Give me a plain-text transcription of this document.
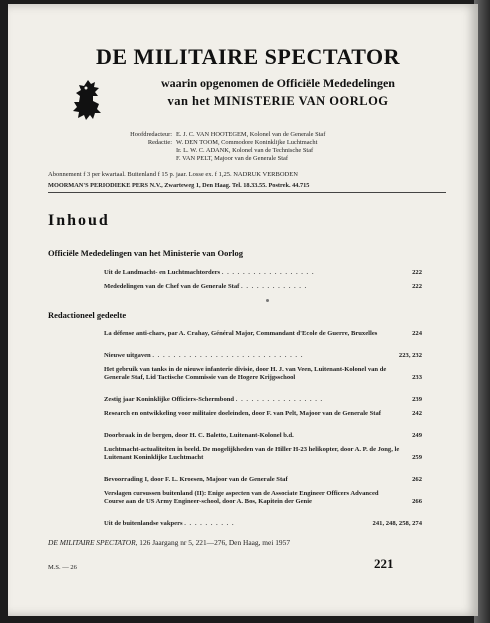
DE MILITAIRE SPECTATOR
waarin opgenomen de Officiële Mededelingen
van het MINISTERIE VAN OORLOG
Hoofdredacteur: E. J. C. VAN HOOTEGEM, Kolonel van de Generale Staf
Redactie: W. DEN TOOM, Commodore Koninklijke Luchtmacht
Ir. L. W. C. ADANK, Kolonel van de Technische Staf
F. VAN PELT, Majoor van de Generale Staf
Abonnement f 3 per kwartaal. Buitenland f 15 p. jaar. Losse ex. f 1,25. NADRUK VERBODEN
MOORMAN'S PERIODIEKE PERS N.V., Zwarteweg 1, Den Haag. Tel. 18.33.55. Postrek. 44.715
Inhoud
Officiële Mededelingen van het Ministerie van Oorlog
Uit de Landmacht- en Luchtmachtorders . . . . . . . . . . . . . . . . . .	222
Mededelingen van de Chef van de Generale Staf . . . . . . . . . . . . .	222
Redactioneel gedeelte
La défense anti-chars, par A. Crahay, Général Major, Commandant d'Ecole de Guerre, Bruxelles	224
Nieuwe uitgaven . . . . . . . . . . . . . . . . . . . . . . . . . . . . .	223, 232
Het gebruik van tanks in de nieuwe infanterie divisie, door H. J. van Veen, Luitenant-Kolonel van de Generale Staf, Lid Tactische Commissie van de Hogere Krijgsschool	233
Zestig jaar Koninklijke Officiers-Schermbond . . . . . . . . . . . . . . . . .	239
Research en ontwikkeling voor militaire doeleinden, door F. van Pelt, Majoor van de Generale Staf	242
Doorbraak in de bergen, door H. C. Baletto, Luitenant-Kolonel b.d.	249
Luchtmacht-actualiteiten in beeld. De mogelijkheden van de Hiller H-23 helikopter, door A. P. de Jong, le Luitenant Koninklijke Luchtmacht	259
Bevoorrading I, door F. L. Kroesen, Majoor van de Generale Staf	262
Verslagen cursussen buitenland (II): Enige aspecten van de Associate Engineer Officers Advanced Course aan de US Army Engineer-school, door A. Bos, Kapitein der Genie	266
Uit de buitenlandse vakpers . . . . . . . . . .	241, 248, 258, 274
DE MILITAIRE SPECTATOR, 126 Jaargang nr 5, 221—276, Den Haag, mei 1957
M.S. — 26	221
